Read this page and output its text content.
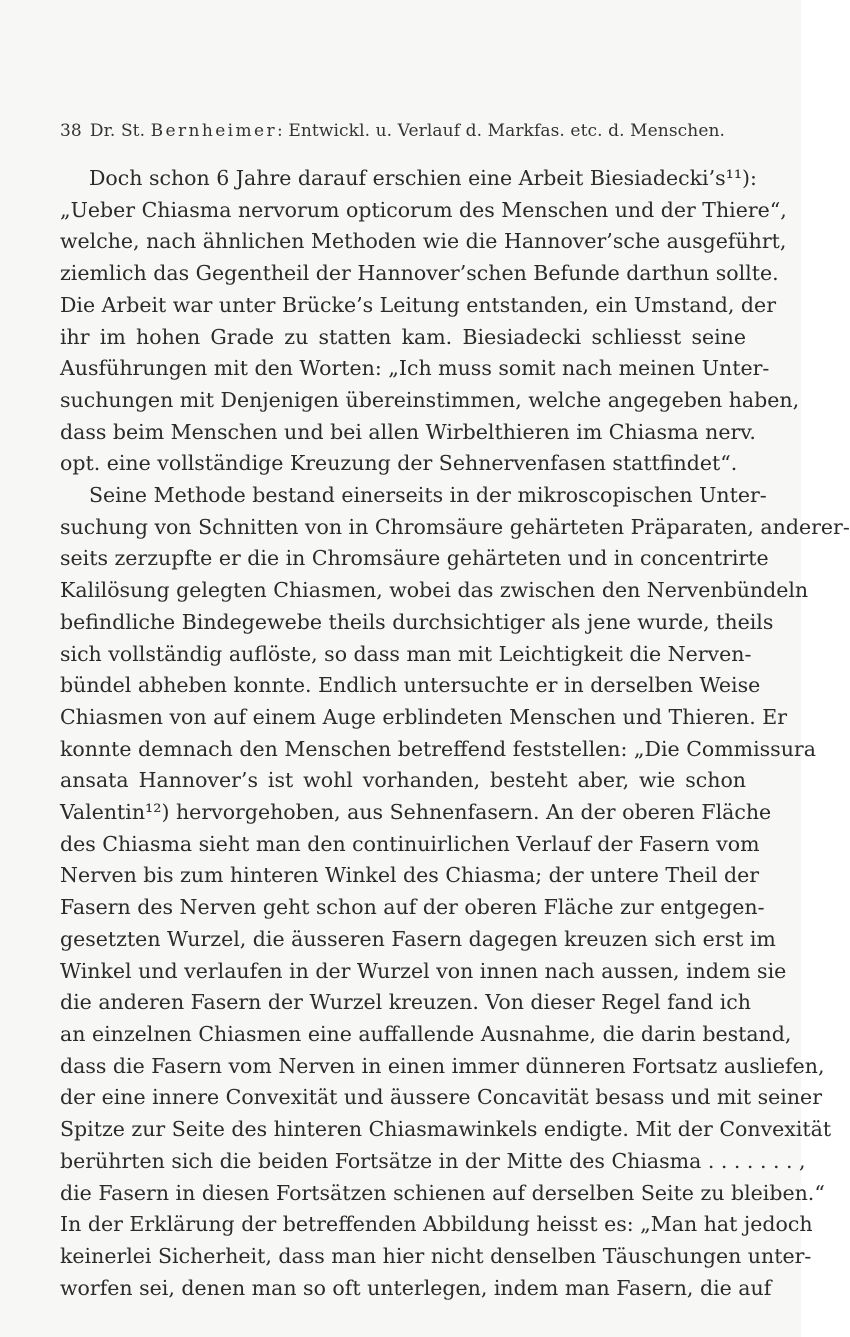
38 Dr. St. Bernheimer: Entwickl. u. Verlauf d. Markfas. etc. d. Menschen.
Doch schon 6 Jahre darauf erschien eine Arbeit Biesiadecki’s¹¹):
„Ueber Chiasma nervorum opticorum des Menschen und der Thiere“,
welche, nach ähnlichen Methoden wie die Hannover’sche ausgeführt,
ziemlich das Gegentheil der Hannover’schen Befunde darthun sollte.
Die Arbeit war unter Brücke’s Leitung entstanden, ein Umstand, der
ihr im hohen Grade zu statten kam. Biesiadecki schliesst seine
Ausführungen mit den Worten: „Ich muss somit nach meinen Unter-
suchungen mit Denjenigen übereinstimmen, welche angegeben haben,
dass beim Menschen und bei allen Wirbelthieren im Chiasma nerv.
opt. eine vollständige Kreuzung der Sehnervenfasen stattfindet“.
Seine Methode bestand einerseits in der mikroscopischen Unter-
suchung von Schnitten von in Chromsäure gehärteten Präparaten, anderer-
seits zerzupfte er die in Chromsäure gehärteten und in concentrirte
Kalilösung gelegten Chiasmen, wobei das zwischen den Nervenbündeln
befindliche Bindegewebe theils durchsichtiger als jene wurde, theils
sich vollständig auflöste, so dass man mit Leichtigkeit die Nerven-
bündel abheben konnte. Endlich untersuchte er in derselben Weise
Chiasmen von auf einem Auge erblindeten Menschen und Thieren. Er
konnte demnach den Menschen betreffend feststellen: „Die Commissura
ansata Hannover’s ist wohl vorhanden, besteht aber, wie schon
Valentin¹²) hervorgehoben, aus Sehnenfasern. An der oberen Fläche
des Chiasma sieht man den continuirlichen Verlauf der Fasern vom
Nerven bis zum hinteren Winkel des Chiasma; der untere Theil der
Fasern des Nerven geht schon auf der oberen Fläche zur entgegen-
gesetzten Wurzel, die äusseren Fasern dagegen kreuzen sich erst im
Winkel und verlaufen in der Wurzel von innen nach aussen, indem sie
die anderen Fasern der Wurzel kreuzen. Von dieser Regel fand ich
an einzelnen Chiasmen eine auffallende Ausnahme, die darin bestand,
dass die Fasern vom Nerven in einen immer dünneren Fortsatz ausliefen,
der eine innere Convexität und äussere Concavität besass und mit seiner
Spitze zur Seite des hinteren Chiasmawinkels endigte. Mit der Convexität
berührten sich die beiden Fortsätze in der Mitte des Chiasma . . . . . . . ,
die Fasern in diesen Fortsätzen schienen auf derselben Seite zu bleiben.“
In der Erklärung der betreffenden Abbildung heisst es: „Man hat jedoch
keinerlei Sicherheit, dass man hier nicht denselben Täuschungen unter-
worfen sei, denen man so oft unterlegen, indem man Fasern, die auf
